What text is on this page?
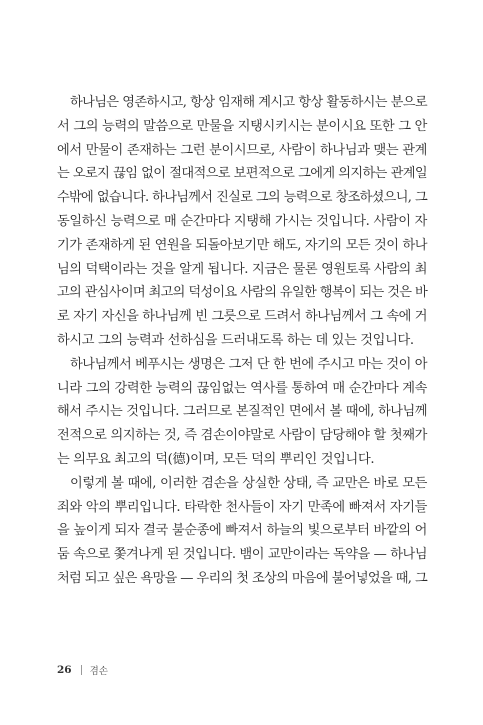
하나님은 영존하시고, 항상 임재해 계시고 항상 활동하시는 분으로
서 그의 능력의 말씀으로 만물을 지탱시키시는 분이시요 또한 그 안
에서 만물이 존재하는 그런 분이시므로, 사람이 하나님과 맺는 관계
는 오로지 끊임 없이 절대적으로 보편적으로 그에게 의지하는 관계일
수밖에 없습니다. 하나님께서 진실로 그의 능력으로 창조하셨으니, 그
동일하신 능력으로 매 순간마다 지탱해 가시는 것입니다. 사람이 자
기가 존재하게 된 연원을 되돌아보기만 해도, 자기의 모든 것이 하나
님의 덕택이라는 것을 알게 됩니다. 지금은 물론 영원토록 사람의 최
고의 관심사이며 최고의 덕성이요 사람의 유일한 행복이 되는 것은 바
로 자기 자신을 하나님께 빈 그릇으로 드려서 하나님께서 그 속에 거
하시고 그의 능력과 선하심을 드러내도록 하는 데 있는 것입니다.
하나님께서 베푸시는 생명은 그저 단 한 번에 주시고 마는 것이 아
니라 그의 강력한 능력의 끊임없는 역사를 통하여 매 순간마다 계속
해서 주시는 것입니다. 그러므로 본질적인 면에서 볼 때에, 하나님께
전적으로 의지하는 것, 즉 겸손이야말로 사람이 담당해야 할 첫째가
는 의무요 최고의 덕(德)이며, 모든 덕의 뿌리인 것입니다.
이렇게 볼 때에, 이러한 겸손을 상실한 상태, 즉 교만은 바로 모든
죄와 악의 뿌리입니다. 타락한 천사들이 자기 만족에 빠져서 자기들
을 높이게 되자 결국 불순종에 빠져서 하늘의 빛으로부터 바깥의 어
둠 속으로 쫓겨나게 된 것입니다. 뱀이 교만이라는 독약을 — 하나님
처럼 되고 싶은 욕망을 — 우리의 첫 조상의 마음에 불어넣었을 때, 그
26 겸손
